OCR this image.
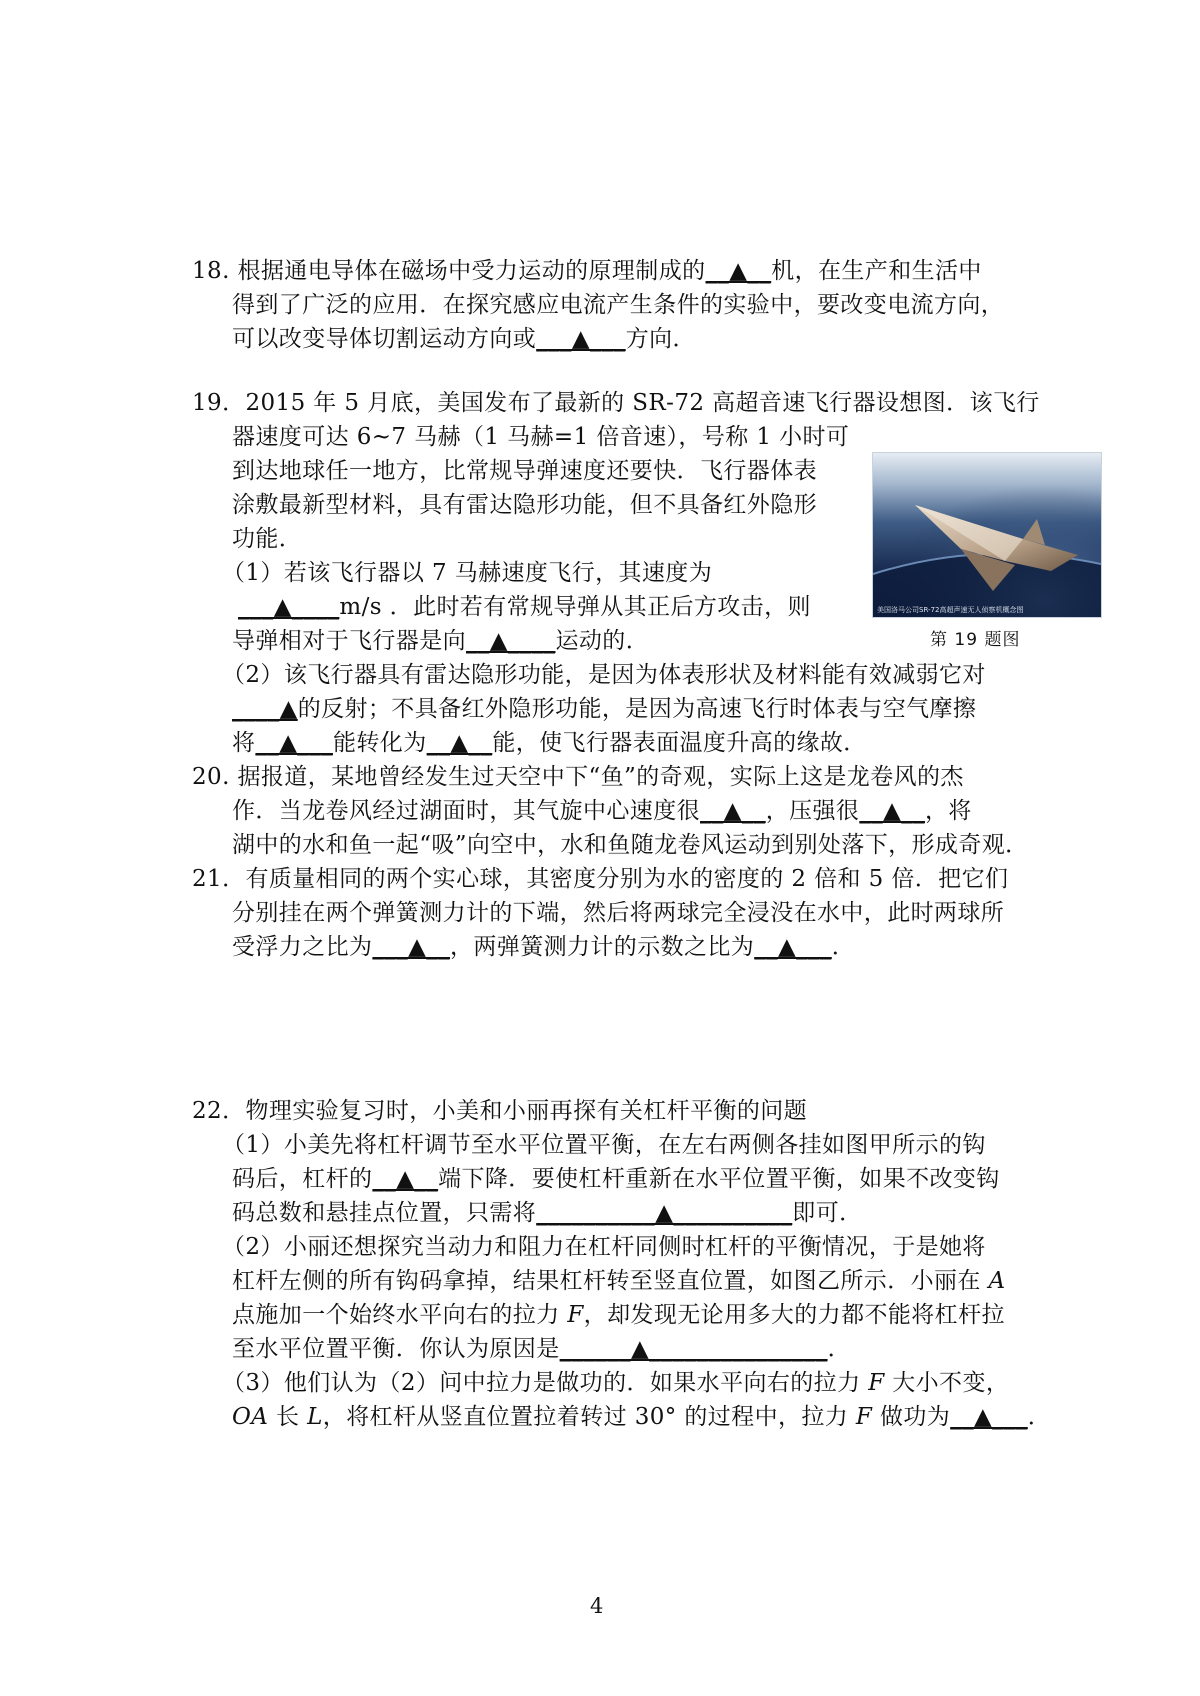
18. 根据通电导体在磁场中受力运动的原理制成的__▲__机，在生产和生活中
得到了广泛的应用．在探究感应电流产生条件的实验中，要改变电流方向，
可以改变导体切割运动方向或___▲___方向．
19．2015 年 5 月底，美国发布了最新的 SR-72 高超音速飞行器设想图．该飞行
器速度可达 6~7 马赫（1 马赫=1 倍音速），号称 1 小时可
到达地球任一地方，比常规导弹速度还要快．飞行器体表
涂敷最新型材料，具有雷达隐形功能，但不具备红外隐形
功能．
（1）若该飞行器以 7 马赫速度飞行，其速度为
___▲____m/s ．此时若有常规导弹从其正后方攻击，则
导弹相对于飞行器是向__▲____运动的．
（2）该飞行器具有雷达隐形功能，是因为体表形状及材料能有效减弱它对
____▲的反射；不具备红外隐形功能，是因为高速飞行时体表与空气摩擦
将__▲___能转化为__▲__能，使飞行器表面温度升高的缘故．
美国洛马公司SR-72高超声速无人侦察机概念图
第 19 题图
20. 据报道，某地曾经发生过天空中下“鱼”的奇观，实际上这是龙卷风的杰
作．当龙卷风经过湖面时，其气旋中心速度很__▲__，压强很__▲__，将
湖中的水和鱼一起“吸”向空中，水和鱼随龙卷风运动到别处落下，形成奇观．
21．有质量相同的两个实心球，其密度分别为水的密度的 2 倍和 5 倍．把它们
分别挂在两个弹簧测力计的下端，然后将两球完全浸没在水中，此时两球所
受浮力之比为___▲__，两弹簧测力计的示数之比为__▲___．
22．物理实验复习时，小美和小丽再探有关杠杆平衡的问题
（1）小美先将杠杆调节至水平位置平衡，在左右两侧各挂如图甲所示的钩
码后，杠杆的__▲__端下降．要使杠杆重新在水平位置平衡，如果不改变钩
码总数和悬挂点位置，只需将__________▲__________即可．
（2）小丽还想探究当动力和阻力在杠杆同侧时杠杆的平衡情况，于是她将
杠杆左侧的所有钩码拿掉，结果杠杆转至竖直位置，如图乙所示．小丽在 A
点施加一个始终水平向右的拉力 F，却发现无论用多大的力都不能将杠杆拉
至水平位置平衡．你认为原因是______▲_______________．
（3）他们认为（2）问中拉力是做功的．如果水平向右的拉力 F 大小不变，
OA 长 L，将杠杆从竖直位置拉着转过 30° 的过程中，拉力 F 做功为__▲___．
4
